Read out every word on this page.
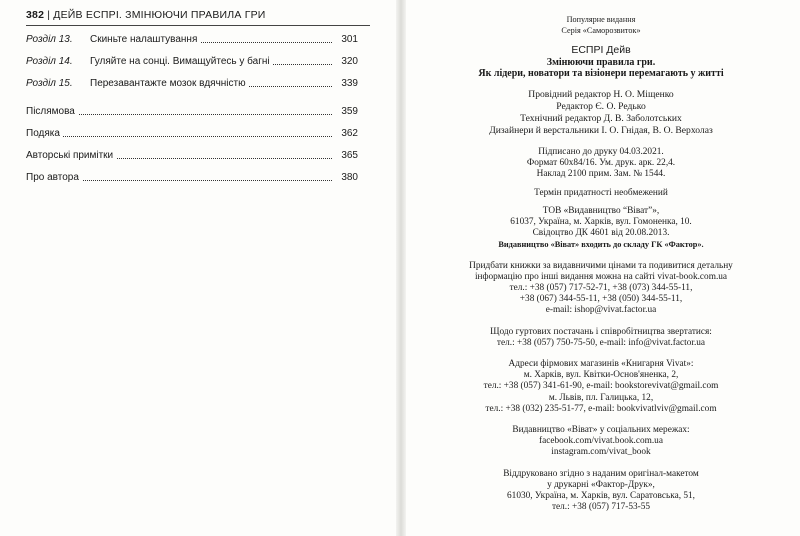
382 | ДЕЙВ ЕСПРІ. ЗМІНЮЮЧИ ПРАВИЛА ГРИ
Розділ 13. Скиньте налаштування	301
Розділ 14. Гуляйте на сонці. Вимащуйтесь у багні	320
Розділ 15. Перезавантажте мозок вдячністю	339
Післямова	359
Подяка	362
Авторські примітки	365
Про автора	380
Популярне видання
Серія «Саморозвиток»
ЕСПРІ Дейв
Змінюючи правила гри.
Як лідери, новатори та візіонери перемагають у житті
Провідний редактор Н. О. Міщенко
Редактор Є. О. Редько
Технічний редактор Д. В. Заболотських
Дизайнери й верстальники І. О. Гнідая, В. О. Верхолаз
Підписано до друку 04.03.2021.
Формат 60х84/16. Ум. друк. арк. 22,4.
Наклад 2100 прим. Зам. № 1544.
Термін придатності необмежений
ТОВ «Видавництво “Віват”»,
61037, Україна, м. Харків, вул. Гомоненка, 10.
Свідоцтво ДК 4601 від 20.08.2013.
Видавництво «Віват» входить до складу ГК «Фактор».
Придбати книжки за видавничими цінами та подивитися детальну
інформацію про інші видання можна на сайті vivat-book.com.ua
тел.: +38 (057) 717-52-71, +38 (073) 344-55-11,
+38 (067) 344-55-11, +38 (050) 344-55-11,
e-mail: ishop@vivat.factor.ua
Щодо гуртових постачань і співробітництва звертатися:
тел.: +38 (057) 750-75-50, e-mail: info@vivat.factor.ua
Адреси фірмових магазинів «Книгарня Vivat»:
м. Харків, вул. Квітки-Основ'яненка, 2,
тел.: +38 (057) 341-61-90, e-mail: bookstorevivat@gmail.com
м. Львів, пл. Галицька, 12,
тел.: +38 (032) 235-51-77, e-mail: bookvivatlviv@gmail.com
Видавництво «Віват» у соціальних мережах:
facebook.com/vivat.book.com.ua
instagram.com/vivat_book
Віддруковано згідно з наданим оригінал-макетом
у друкарні «Фактор-Друк»,
61030, Україна, м. Харків, вул. Саратовська, 51,
тел.: +38 (057) 717-53-55
